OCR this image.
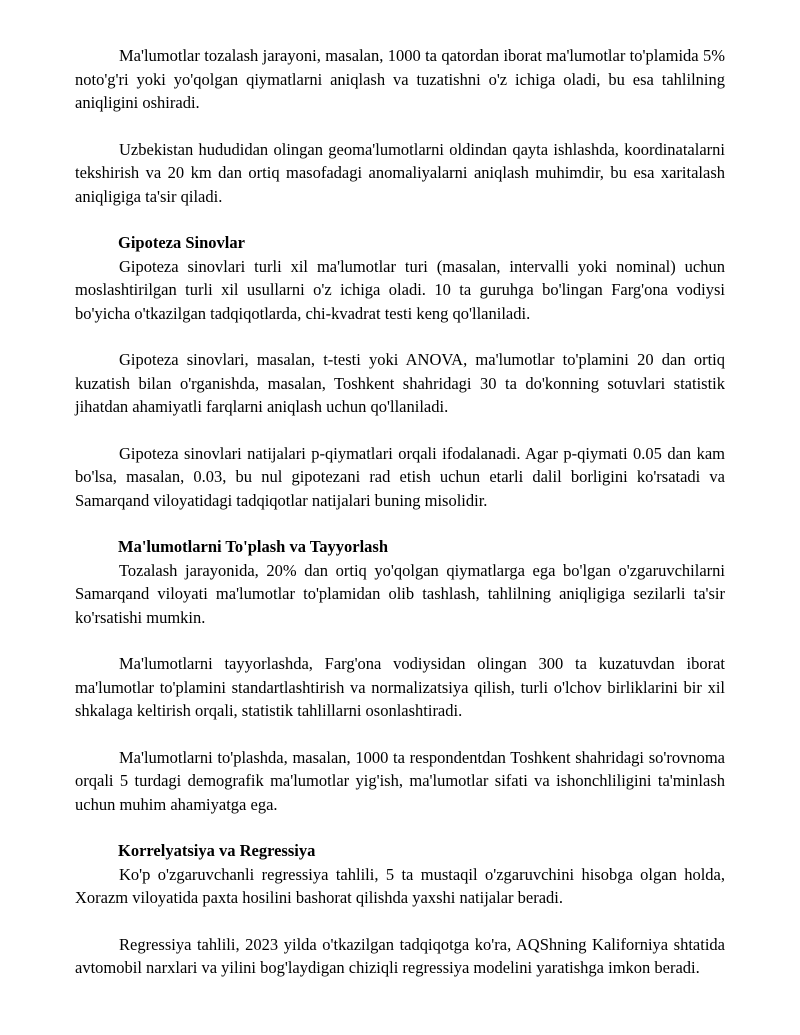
Ma'lumotlar tozalash jarayoni, masalan, 1000 ta qatordan iborat ma'lumotlar to'plamida 5% noto'g'ri yoki yo'qolgan qiymatlarni aniqlash va tuzatishni o'z ichiga oladi, bu esa tahlilning aniqligini oshiradi.

Uzbekistan hududidan olingan geoma'lumotlarni oldindan qayta ishlashda, koordinatalarni tekshirish va 20 km dan ortiq masofadagi anomaliyalarni aniqlash muhimdir, bu esa xaritalash aniqligiga ta'sir qiladi.

Gipoteza Sinovlar

Gipoteza sinovlari turli xil ma'lumotlar turi (masalan, intervalli yoki nominal) uchun moslashtirilgan turli xil usullarni o'z ichiga oladi. 10 ta guruhga bo'lingan Farg'ona vodiysi bo'yicha o'tkazilgan tadqiqotlarda, chi-kvadrat testi keng qo'llaniladi.

Gipoteza sinovlari, masalan, t-testi yoki ANOVA, ma'lumotlar to'plamini 20 dan ortiq kuzatish bilan o'rganishda, masalan, Toshkent shahridagi 30 ta do'konning sotuvlari statistik jihatdan ahamiyatli farqlarni aniqlash uchun qo'llaniladi.

Gipoteza sinovlari natijalari p-qiymatlari orqali ifodalanadi. Agar p-qiymati 0.05 dan kam bo'lsa, masalan, 0.03, bu nul gipotezani rad etish uchun etarli dalil borligini ko'rsatadi va Samarqand viloyatidagi tadqiqotlar natijalari buning misolidir.

Ma'lumotlarni To'plash va Tayyorlash

Tozalash jarayonida, 20% dan ortiq yo'qolgan qiymatlarga ega bo'lgan o'zgaruvchilarni Samarqand viloyati ma'lumotlar to'plamidan olib tashlash, tahlilning aniqligiga sezilarli ta'sir ko'rsatishi mumkin.

Ma'lumotlarni tayyorlashda, Farg'ona vodiysidan olingan 300 ta kuzatuvdan iborat ma'lumotlar to'plamini standartlashtirish va normalizatsiya qilish, turli o'lchov birliklarini bir xil shkalaga keltirish orqali, statistik tahlillarni osonlashtiradi.

Ma'lumotlarni to'plashda, masalan, 1000 ta respondentdan Toshkent shahridagi so'rovnoma orqali 5 turdagi demografik ma'lumotlar yig'ish, ma'lumotlar sifati va ishonchliligini ta'minlash uchun muhim ahamiyatga ega.

Korrelyatsiya va Regressiya

Ko'p o'zgaruvchanli regressiya tahlili, 5 ta mustaqil o'zgaruvchini hisobga olgan holda, Xorazm viloyatida paxta hosilini bashorat qilishda yaxshi natijalar beradi.

Regressiya tahlili, 2023 yilda o'tkazilgan tadqiqotga ko'ra, AQShning Kaliforniya shtatida avtomobil narxlari va yilini bog'laydigan chiziqli regressiya modelini yaratishga imkon beradi.
